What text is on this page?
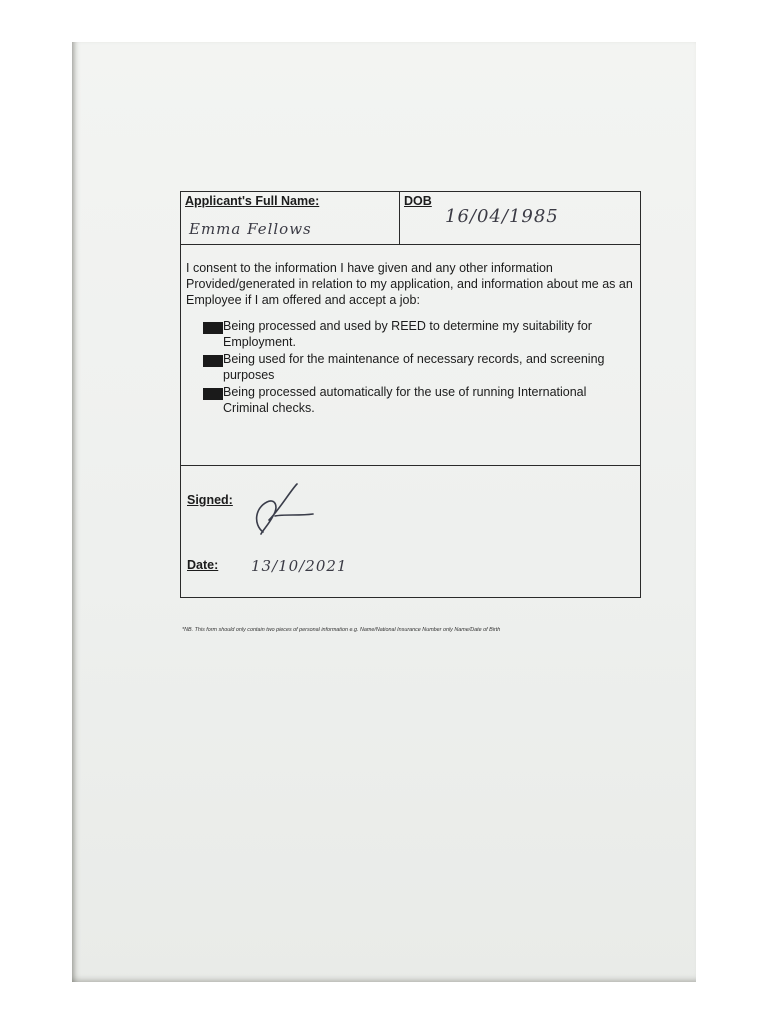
Applicant's Full Name:
Emma Fellows
DOB
16/04/1985
I consent to the information I have given and any other information Provided/generated in relation to my application, and information about me as an Employee if I am offered and accept a job:
Being processed and used by REED to determine my suitability for Employment.
Being used for the maintenance of necessary records, and screening purposes
Being processed automatically for the use of running International Criminal checks.
Signed:
Date: 13/10/2021
*NB. This form should only contain two pieces of personal information e.g. Name/National Insurance Number only Name/Date of Birth
